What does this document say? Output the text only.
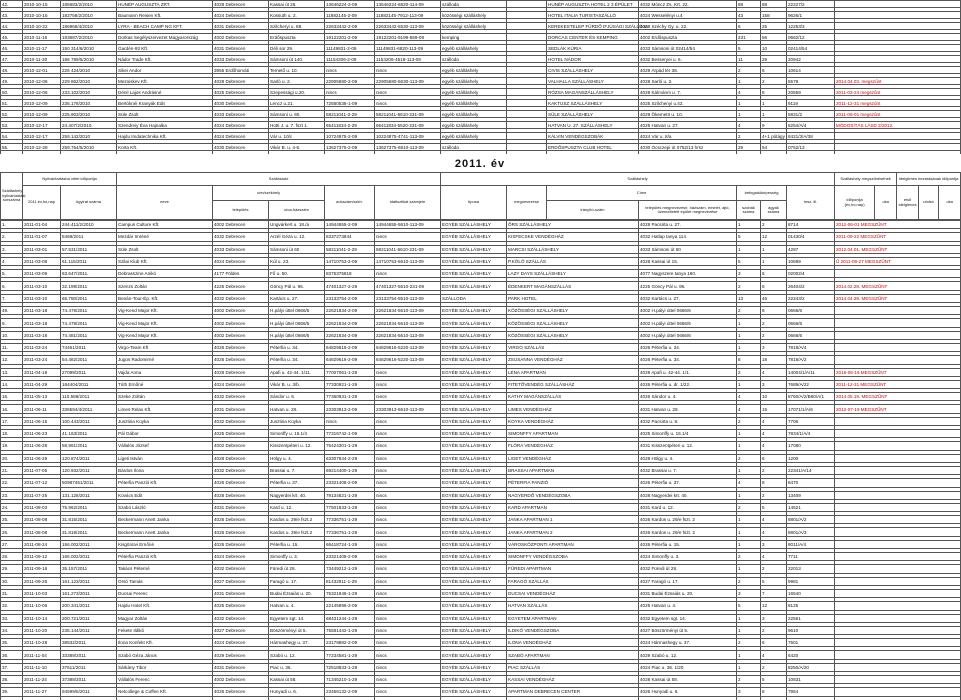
42.	2010-10-15	185683/2/2010	HUNÉP AUGUSZTA ZRT.	4028 Debrecen	Kassai út 26.	13646224-2-09	13646224-6820-114-09	szálloda		HUNÉP AUGUSZTA HOTEL 2 3 ÉPÜLET	4032 Móricz Zs. Krt. 22.	68	68	22227/2	

43.	2010-10-15	182758/2/2010	Baumann Reisen Kft.	4024 Debrecen	Kossuth u. 2.	11882145-2-09	11882145-7912-113-09	közösségi szálláshely		HOTEL ITALIA TURISTASZÁLLÓ	4024 Wesselényi u.4	43	158	9626/1	

44.	2010-10-22	186966/4/2010	LYRA - BEACH CAMP NG KFT.	4031 Debrecen	Szilcheryi u. 88.	22633442-2-09	22633442-5530-113-09	közösségi szálláshely		KEREKESTELEP FÜRDŐ IFJÚSÁGI SZÁLLÓJA	4028 Széchy Gy. u. 22.	6	25	12253/3	

45.	2010-11-16	183687/2/2010	Dorkas Segélyszervezet Magyarország	4002 Debrecen	Erdőspuszta	19122201-2-09	19122201-9199-569-09	kemping		DORCAS CENTER ÉS KEMPING	4002 Erdőspuszta	231	56	0662/12	

46.	2010-11-17	150 314/6/2010	Gardén-93 Kft.	4031 Debrecen	Déli sor 29.	11149831-2-09	11149831-6820-113-09	egyéb szálláshely		SEDLÁK KÚRIA	4033 Sámsoni út 02414/54	5	10	02414/54	

47.	2010-11-30	186 789/5/2010	Nádor Trade Kft.	4033 Debrecen	Sámsoni út 140.	11154206-2-09	1154206-4519-113-09	szálloda		HOTEL NÁDOR	4032 Besseryei u. 6.	11	29	20942	

48.	2010-12-01	226 424/2010	Sikei Andor	3955 Erdőhorváti	Temető u. 10.	nincs	nincs	egyéb szálláshely		CIVIS SZÁLLÁSHELY	4029 Árpád tér 38.	2	6	10614	

49.	2010-12-06	229 862/2010	Mezoiskev Kft.	4028 Debrecen	Sarló u. 2.	22905680-2-09	22905680-5630-113-09	egyéb szálláshely		VALHALLA SZÁLLÁSHELY	4028 Sarló u. 2.	1	2	5578	2014.04.03. megszűnt

50.	2010-12-06	233.102/2010	Dénil Lajos Andrásné	4025 Debrecen	Szepessági u.20.	nincs	nincs	egyéb szálláshely		RÓZSA MAGÁNSZÁLLÁSHELY	4028 Kálmánm u. 7.	4	8	20559	2011-03-24 megszűnt

51.	2010-12-09	235.178/2010	Bertóknéi Kranyák Edit	4030 Debrecen	Lencz u.21.	72560538-1-09	nincs	egyéb szálláshely		KAKTUSZ SZÁLLÁSHELY	4025 Szilchenyi u.42.	1	1	9119	2011-12-31 megszűnt

52.	2010-12-09	225.903/2010	Süle Zsolt	4033 Debrecen	Sámsoni u. 60.	58211041-2-29	58211041-5610-231-09	egyéb szálláshely		SÜLE SZÁLLÁSHELY	4029 Ökemetö u. 10.	1	1	5831/2	2011-06-01 megszűnt

53.	2010-12-17	24.407/2/2010.	Szendreiy Éva Hajnalka	4024 Debrecen	Hotti J. u. 7. fszt 1.	65411834-2-29	65411834-5520-231-09	egyéb szálláshely		HATVAN U. 27. SZÁLLÁSHELY	4025 Hatvan u. 27.	4	9	8254/A/4	MÓDOSÍTÁS LÁSD 2/2012.

54.	2010-12-17	259.142/2010	Hajdu Imdatechnika Kft.	4024 Debrecen	Vár u. 10/c	10724975-2-09	10224875-4741-113-09	egyéb szálláshely		KÁLVIN VENDÉGSZOBÁK	4024 Vár u. 8/a	2	4+1 pótágy	8421/3/A/38	

55.	2010-12-28	259.754/5/2010	Korta Kft.	4030 Debrecen	Vikár B. u. 4-6.	13627375-2-09	13627375-6810-113-09	szálloda		ERDŐSPUSZTA CLUB HOTEL	4030 Ócsczepi út 0752/13 hrsz	29	54	0752/13	

2011. év
Szálláshely nyilvántartási sorszáma	Nyilvántartásba vétel időpontja		Szállásadó					Szálláshely							Szálláshely megszűnésének		Ideiglenes bezárásának időpontja		
	2011.év,hó,nap	ügyirat száma	neve	cím/székhely		adószám/szkh.	statisztikai számjele	típusa	megnevezése	Címe		befogadóképesség		hrsz. ill.	időpontja (év,hó,nap)	oka	első ideiglenes	utolsó	oka
				település	utca,házszám					irányító-szám	település megnevezése, házszám, emelet, ajtó, üzemeltetett épület megnevezése	szobák száma	ágyak száma						
1.	2011-01-04	244.411/2/2010	Campus Culture Kft.	4002 Debrecen	Ungvárkert u. 18./a	14944655-2-09	14944655-5610-113-09	EGYÉB SZÁLLÁSHELY	ŐRS SZÁLLÁSHELY	4028 Pacsirta u. 27.	1	2	8714	2012-06-01 MEGSZŰNT	

2.	2011-01-07	5468/2011	Mezdár Imréné	4032 Debrecen	Arzél Géza u. 12.	8337273844	nincs	EGYÉB SZÁLLÁSHELY	KISFECSKE VENDÉGHÁZ	4032 Hatlap tanya 114.	5	12	01430/4	2011-09-22 MEGSZŰNT	

3.	2011-03-01	57.531/2011	Süle Zsolt	4033 Debrecen	Sámsoni út 60	58211041-2-29	58211041-5610-231-09	EGYÉB SZÁLLÁSHELY	MARCSI SZÁLLÁSHELY	4033 Sámsoni út 60	1	1	4287	2012.04.01. MEGSZŰNT	

4.	2011-03-08	61.115/2011	Szilai Klub Kft.	4024 Debrecen	Kúl u. 23.	14710753-2-09	14710753-5610-113-09	EGYÉB SZÁLLÁSHELY	P.KÖLÖ SZÁLLÁS	4028 Kassai út 15.	5	1	10699	Ű 2011-09-27 MEGSZŰNT	

5.	2011-03-09	63.647/2011.	Debrasszine Anikó	4177 Földes	Fő u. 50.	8375375818	nincs	EGYÉB SZÁLLÁSHELY	LAZY DAYS SZÁLLÁSHELY	4077 Nagyszere tanya 160.	3	6	02002/4		

6.	2011-03-10	32.199/2011	Szenzs Zoltán	4225 Debrecen	Göncy Pál u. 96.	47401327-2-29	47401327-5610-231-09	EGYÉB SZÁLLÁSHELY	ÉDENKERT MAGÁNSZÁLLÁS	4225 Göncy Pál u. 96.	2	6	26404/2	2014.02.28. MEGSZŰNT	

7.	2011-03-10	65.780/2011	Benán-Tour-Ép. Kft.	4032 Debrecen	Kartács u. 27.	23133754-2-09	23133754-5510-113-09	SZÁLLODA	PARK HOTEL	4032 Kartács u. 27.	13	46	22243/2	2014.04.28. MEGSZŰNT	

49.	2011-03-18	74.476/2011	Vig-Kend Major Kft.	4002 Debrecen	H.pályi úttel 0666/5	22621834-2-09	22621834-5610-113-09	EGYÉB SZÁLLÁSHELY	KÖZÖSSÉGI SZÁLLÁSHELY	4002 H.pályi úttel 0666/6	2	8	0666/6		

9.	2011-03-18	74.479/2011	Vig-Kend Major Kft.	4002 Debrecen	H.pályi úttel 0666/5	22621834-2-09	22621834-5610-113-09	EGYÉB SZÁLLÁSHELY	KÖZÖSSÉGI SZÁLLÁSHELY	4002 H.pályi úttel 0666/6	1	2	0666/6		

10.	2011-03-18	74.481/2011	Vig-Kend Major Kft.	4002 Debrecen	H.pályi úttel 0666/5	22621834-2-09	22621834-5610-113-09	EGYÉB SZÁLLÁSHELY	KÖZÖSSÉGI SZÁLLÁSHELY	4002 H.pályi úttel 0666/6	1	2	0666/6		

11.	2011-03-24	74461/2011	Virgo-Team Kft	4026 Debrecen	Péterfia u. 34.	64829616-2-09	64829616-5220-113-09	EGYÉB SZÁLLÁSHELY	VIRGO SZÁLLÁS	4026 Péterfia u. 34.	1	3	7818/A/4		

12.	2011-03-24	54.482/2011	Jugos Radomirné	4026 Debrecen	Péterfia u. 34.	64829616-2-09	64829616-5220-113-09	EGYÉB SZÁLLÁSHELY	ZSUSANNA VENDÉGHÁZ	4026 Péterfia u. 34.	8	18	7818/A/2		

13.	2011-04-19	27099/2011	Vajda Anna	4028 Debrecen	Apafi u. 42-44. 1/11.	77007061-1-29	nincs	EGYÉB SZÁLLÁSHELY	LÉNA APARTMAN	4028 Apafi u. 42-44. 1/1.	2	4	14004/1/A/11	2016-06-16 MEGSZŰNT	

14.	2011-04-29	184404/2011	Tóth Ernőné	4024 Debrecen	Vikár B. u. 3/b.	77330921-1-29	nincs	EGYÉB SZÁLLÁSHELY	FITETŐVENDÉG SZÁLLÁSHÁZ	4026 Péterfia u. dr. 1/22.	1	3	7689/A/22	2011-12-31 MEGSZŰNT	

15.	2011-05-13	110.588/2011	Szeke Zoltán	4032 Debrecen	Sándor u. 6.	77360931-1-29	nincs	EGYÉB SZÁLLÁSHELY	KATHY MAGÁNSZÁLLÁS	4026 Sándor u. 4.	4	10	8760/A/2/B60/A/1	2014.05.19. MEGSZŰNT	

16.	2011-06-11	336594/4/2011	Limes Relax Kft.	4031 Debrecen	Hatvan u. 28.	23303913-2-09	23303913-5610-113-09	EGYÉB SZÁLLÁSHELY	LIMES VENDÉGHÁZ	4031 Hatvan u. 28.	4	15	17071/1/A/6	2012-07-19 MEGSZŰNT	

17.	2011-06-16	100.443/2011	Jusztina Koyka	4032 Debrecen	Jusztina Koyka	nincs	nincs	EGYÉB SZÁLLÁSHELY	KOYKA VENDÉGHÁZ	4032 Pacsirta u. 8.	2	4	7706		

18.	2011-06-23	41.163/2011	Pál Gábor	4025 Debrecen	Simonffy u. 15.1/4	77316742-1-09	nincs	EGYÉB SZÁLLÁSHELY	SIMONFFY APARTMAN	4025 Simonffy u. 15.1/4	1	4	7834/1/A/4		

19.	2011-06-28	58.961/2011	Vállalós József	4002 Debrecen	Kisszentpéteri u. 12.	75424301-1-29	nincs	EGYÉB SZÁLLÁSHELY	FLÓRA VENDÉGHÁZ	4031 Kisszentpéteri u. 12.	1	4	17080		

20.	2011-06-29	120.874/2011	Ligeti István	4028 Debrecen	Hölgy u. 4.	63307844-2-29	nincs	EGYÉB SZÁLLÁSHELY	LIGET VENDÉGHÁZ	4028 Hölgy u. 4.	2	6	1200		

21.	2011-07-05	120.932/2011	Bárdos Ilona	4032 Debrecen	Brassai u. 7.	69214400-1-29	nincs	EGYÉB SZÁLLÁSHELY	BRASSAI APARTMAN	4032 Brassai u. 7.	1	2	22341/A/14		

22.	2011-07-12	50987451/2011	Péterfia Panzió Kft.	4026 Debrecen	Péterfia u. 37.	23321408-2-09	nincs	EGYÉB SZÁLLÁSHELY	PÉTERFIA PANZIÓ	4026 Péterfia u. 37.	4	8	8470		

23.	2011-07-25	131.128/2011	Kovács Edit	4028 Debrecen	Nagyerdei krt. 40.	79134821-1-29	nincs	EGYÉB SZÁLLÁSHELY	NAGYERDŐ VENDÉGSZOBA	4028 Nagyerdei krt. 40.	1	2	13409		

24.	2011-08-03	75.962/2011	Szabó László	4031 Debrecen	Kard u. 12.	77501833-1-29	nincs	EGYÉB SZÁLLÁSHELY	KARD APARTMAN	4031 Kard u. 12.	2	5	14621		

25.	2011-08-08	31.815/2011	Beckermann Anett Janka	4026 Debrecen	Kardos u. 29/e fszt.2	77336751-1-29	nincs	EGYÉB SZÁLLÁSHELY	JANKA APARTMAN 1	4026 Kardos u. 29/e fszt. 2	1	4	8801/A/2		

26.	2011-08-08	31.819/2011	Beckermann Anett Janka	4026 Debrecen	Kardos u. 29/e fszt.2	77336751-1-29	nincs	EGYÉB SZÁLLÁSHELY	JANKA APARTMAN 2	4026 Kardos u. 29/e fszt. 2	1	4	8801/A/3		

27.	2011-08-24	156.002/2011	Kisgönüvi Ernőné	4026 Debrecen	Péterfia u. 15.	66418724-1-29	nincs	EGYÉB SZÁLLÁSHELY	VÁROSKÖZPONTI APARTMAN	4026 Péterfia u. 15.	1	3	8011/A/4		

28.	2011-09-12	165.002/2011	Péterfia Panzió Kft.	4024 Debrecen	Simonffy u. 3.	23321408-2-09	nincs	EGYÉB SZÁLLÁSHELY	SIMONFFY VENDÉGSZOBA	4024 Simonffy u. 3.	2	4	7711		

29.	2011-09-16	35.157/2011	Takács Péterné	4032 Debrecen	Füredi út 28.	73449212-1-29	nincs	EGYÉB SZÁLLÁSHELY	FÜREDI APARTMAN	4032 Füredi út 28.	1	2	22013		

30.	2011-09-26	161.123/2011	Orsó Tamás	4027 Debrecen	Faragó u. 17.	81432911-1-29	nincs	EGYÉB SZÁLLÁSHELY	FARAGÓ SZÁLLÁS	4027 Faragó u. 17.	2	5	9981		

31.	2011-10-03	161.273/2011	Ducsai Ferenc	4031 Debrecen	Budai Ézsaiás u. 20.	75321946-1-29	nincs	EGYÉB SZÁLLÁSHELY	DUCSAI VENDÉGHÁZ	4031 Budai Ézsaiás u. 20.	3	7	16540		

32.	2011-10-06	200.341/2011	Hajdu Hotel Kft.	4025 Debrecen	Hatvan u. 4.	22145896-2-09	nincs	EGYÉB SZÁLLÁSHELY	HATVAN SZÁLLÁS	4025 Hatvan u. 4.	5	12	8125		

33.	2011-10-14	200.721/2011	Magyar Zoltán	4032 Debrecen	Egyetem sgt. 14.	68431244-1-29	nincs	EGYÉB SZÁLLÁSHELY	EGYETEM APARTMAN	4032 Egyetem sgt. 14.	1	3	22561		

34.	2011-10-20	235.144/2011	Fekete Ildikó	4027 Debrecen	Böszörményi út 5.	75581442-1-29	nincs	EGYÉB SZÁLLÁSHELY	ILDIKÓ VENDÉGSZOBA	4027 Böszörményi út 5.	1	2	9610		

35.	2011-10-28	38532/2011	Ilona Konfekt Kft.	4024 Debrecen	Hármashegy u. 37.	23179882-2-09	nincs	EGYÉB SZÁLLÁSHELY	ILONA VENDÉGHÁZ	4024 Hármashegy u. 37.	2	6	7501		

36.	2011-11-04	33389/2011	Szabó Géza János	4029 Debrecen	Szabó u. 12.	77234581-1-29	nincs	EGYÉB SZÁLLÁSHELY	SZABÓ APARTMAN	4029 Szabó u. 12.	1	4	6420		

37.	2011-11-10	37511/2011	Sárkány Tibor	4031 Debrecen	Piac u. 36.	72518833-1-29	nincs	EGYÉB SZÁLLÁSHELY	PIAC SZÁLLÁS	4024 Piac u. 36. 1/20	1	2	8250/A/20		

38.	2011-11-24	37388/2011	Vállalós Ferenc	4002 Debrecen	Kassai út 58.	71345210-1-29	nincs	EGYÉB SZÁLLÁSHELY	KASSAI VENDÉGHÁZ	4028 Kassai út 58.	2	5	10831		

39.	2011-11-27	94599/5/2011	Netcollege & Coffee Kft.	4026 Debrecen	Hunyadi u. 6.	23456132-2-09	nincs	EGYÉB SZÁLLÁSHELY	APARTMAN DEBRECEN CENTER	4026 Hunyadi u. 6.	3	8	7954		
